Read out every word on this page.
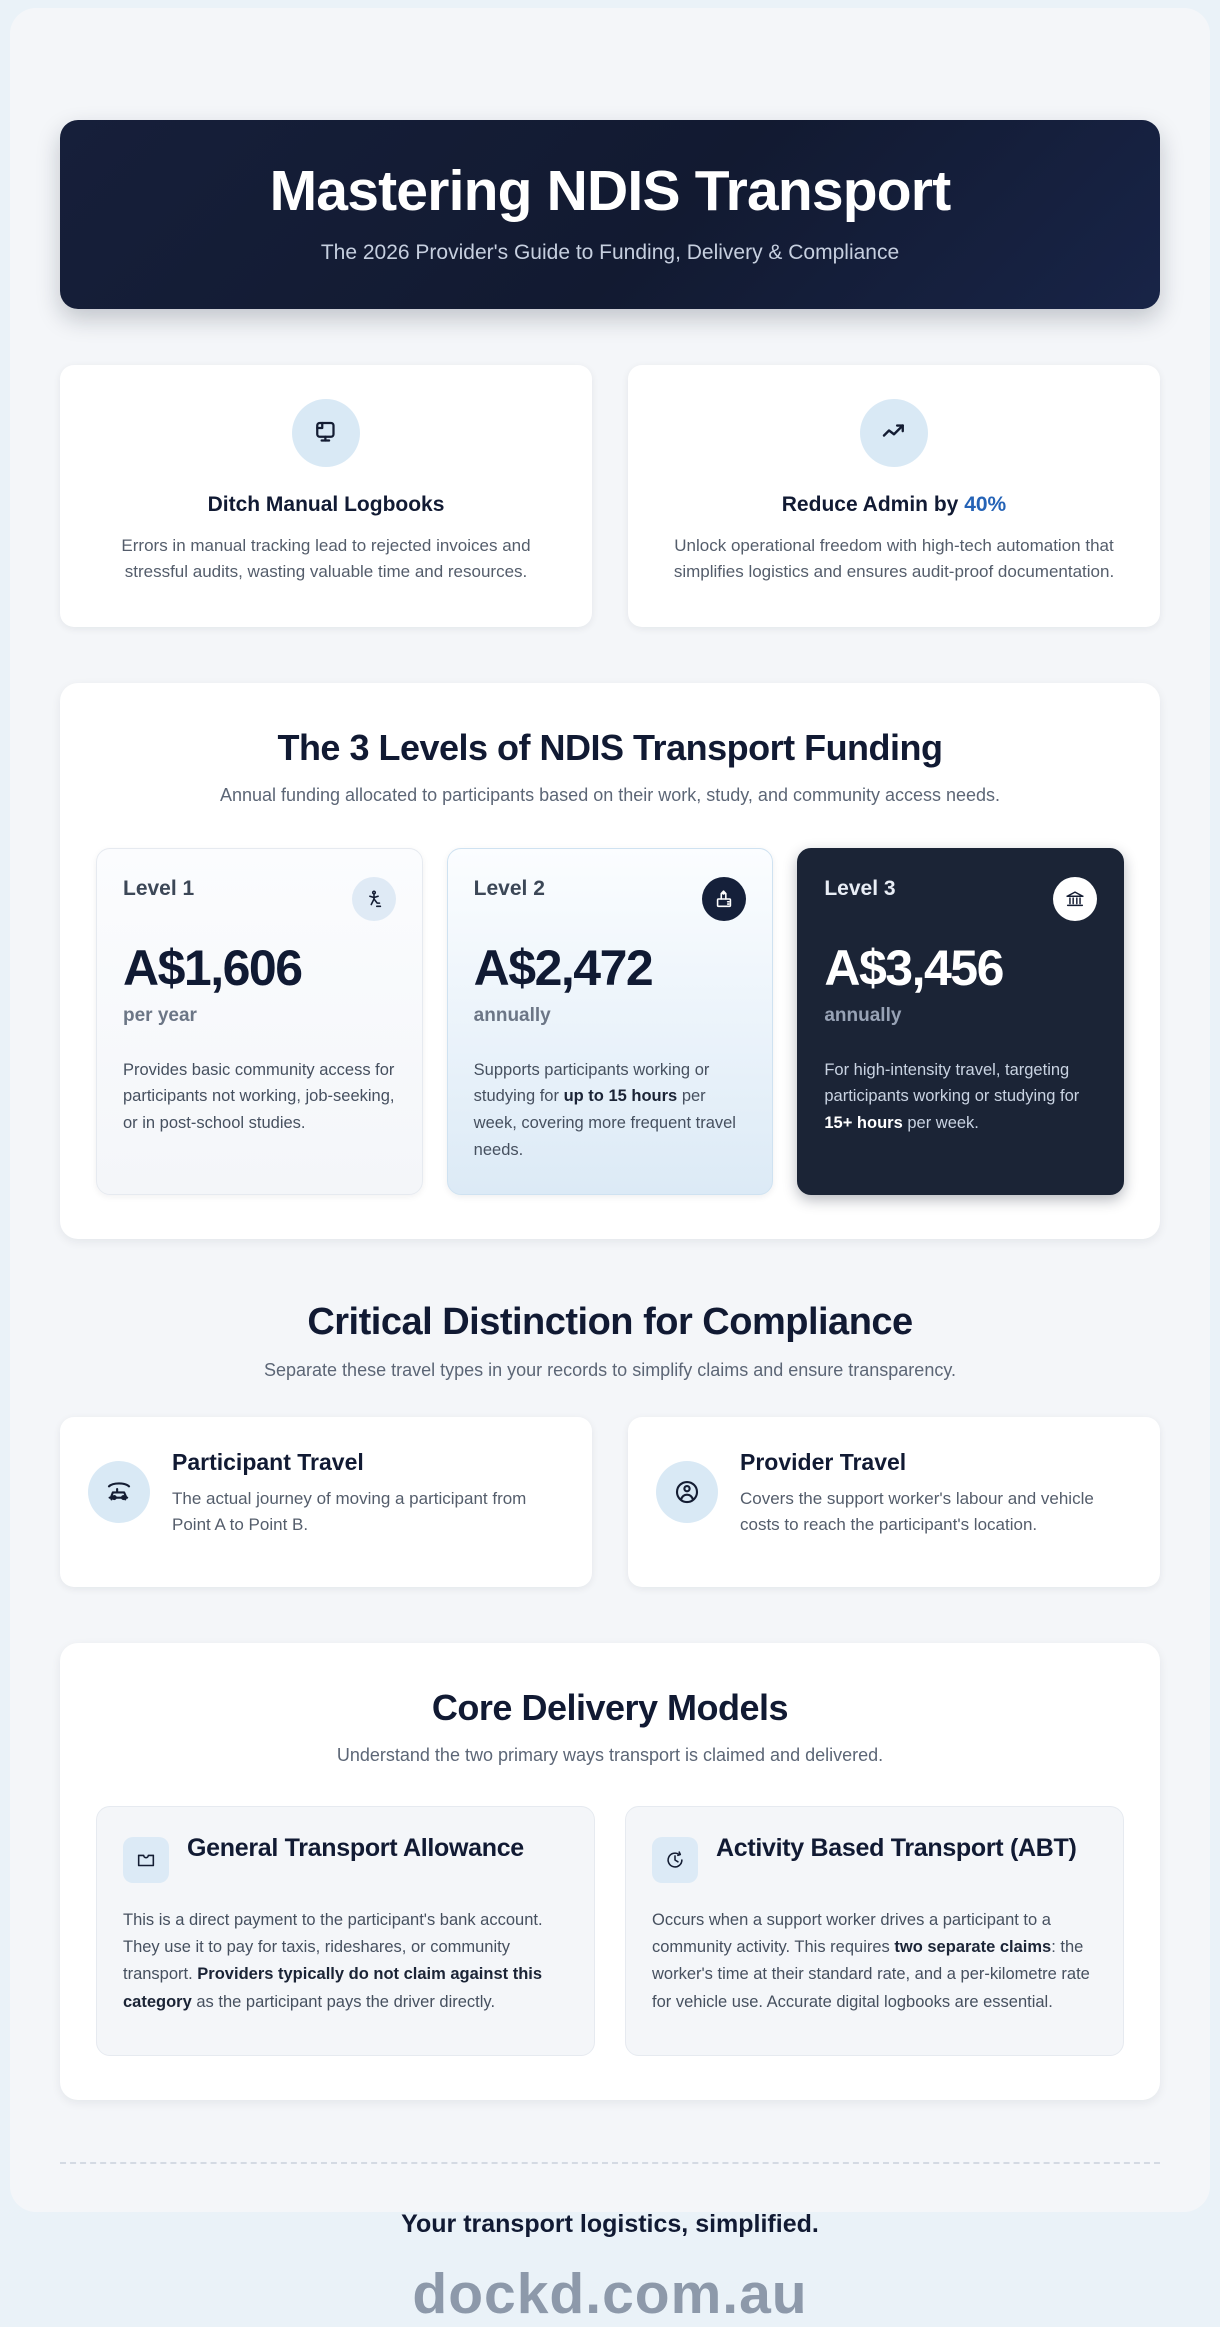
Mastering NDIS Transport
The 2026 Provider's Guide to Funding, Delivery & Compliance
Ditch Manual Logbooks
Errors in manual tracking lead to rejected invoices and stressful audits, wasting valuable time and resources.
Reduce Admin by 40%
Unlock operational freedom with high-tech automation that simplifies logistics and ensures audit-proof documentation.
The 3 Levels of NDIS Transport Funding
Annual funding allocated to participants based on their work, study, and community access needs.
Level 1
A$1,606
per year
Provides basic community access for participants not working, job-seeking, or in post-school studies.
Level 2
A$2,472
annually
Supports participants working or studying for up to 15 hours per week, covering more frequent travel needs.
Level 3
A$3,456
annually
For high-intensity travel, targeting participants working or studying for 15+ hours per week.
Critical Distinction for Compliance
Separate these travel types in your records to simplify claims and ensure transparency.
Participant Travel
The actual journey of moving a participant from Point A to Point B.
Provider Travel
Covers the support worker's labour and vehicle costs to reach the participant's location.
Core Delivery Models
Understand the two primary ways transport is claimed and delivered.
General Transport Allowance
This is a direct payment to the participant's bank account. They use it to pay for taxis, rideshares, or community transport. Providers typically do not claim against this category as the participant pays the driver directly.
Activity Based Transport (ABT)
Occurs when a support worker drives a participant to a community activity. This requires two separate claims: the worker's time at their standard rate, and a per-kilometre rate for vehicle use. Accurate digital logbooks are essential.
Your transport logistics, simplified.
dockd.com.au
